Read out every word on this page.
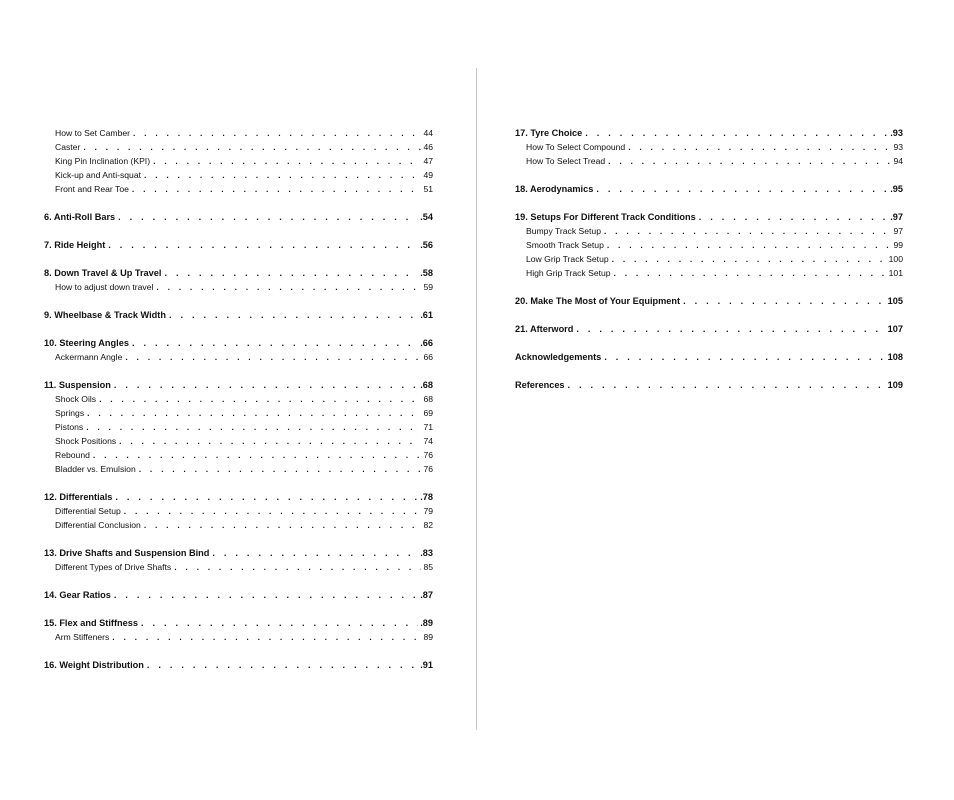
How to Set Camber . . .	44
Caster . . .	46
King Pin Inclination (KPI) . . .	47
Kick-up and Anti-squat . . .	49
Front and Rear Toe . . .	51
6. Anti-Roll Bars . . .	.54
7. Ride Height . . .	.56
8. Down Travel & Up Travel . . .	.58
How to adjust down travel . . .	59
9. Wheelbase & Track Width . . .	.61
10. Steering Angles . . .	.66
Ackermann Angle . . .	66
11. Suspension . . .	.68
Shock Oils . . .	68
Springs . . .	69
Pistons . . .	71
Shock Positions . . .	74
Rebound . . .	76
Bladder vs. Emulsion . . .	76
12. Differentials . . .	.78
Differential Setup . . .	79
Differential Conclusion . . .	82
13. Drive Shafts and Suspension Bind . . .	.83
Different Types of Drive Shafts . . .	85
14. Gear Ratios . . .	.87
15. Flex and Stiffness . . .	.89
Arm Stiffeners . . .	89
16. Weight Distribution . . .	.91
17. Tyre Choice . . .	.93
How To Select Compound . . .	93
How To Select Tread . . .	94
18. Aerodynamics . . .	.95
19. Setups For Different Track Conditions . . .	.97
Bumpy Track Setup . . .	97
Smooth Track Setup . . .	99
Low Grip Track Setup . . .	100
High Grip Track Setup . . .	101
20. Make The Most of Your Equipment . . .	105
21. Afterword . . .	107
Acknowledgements . . .	108
References . . .	109
